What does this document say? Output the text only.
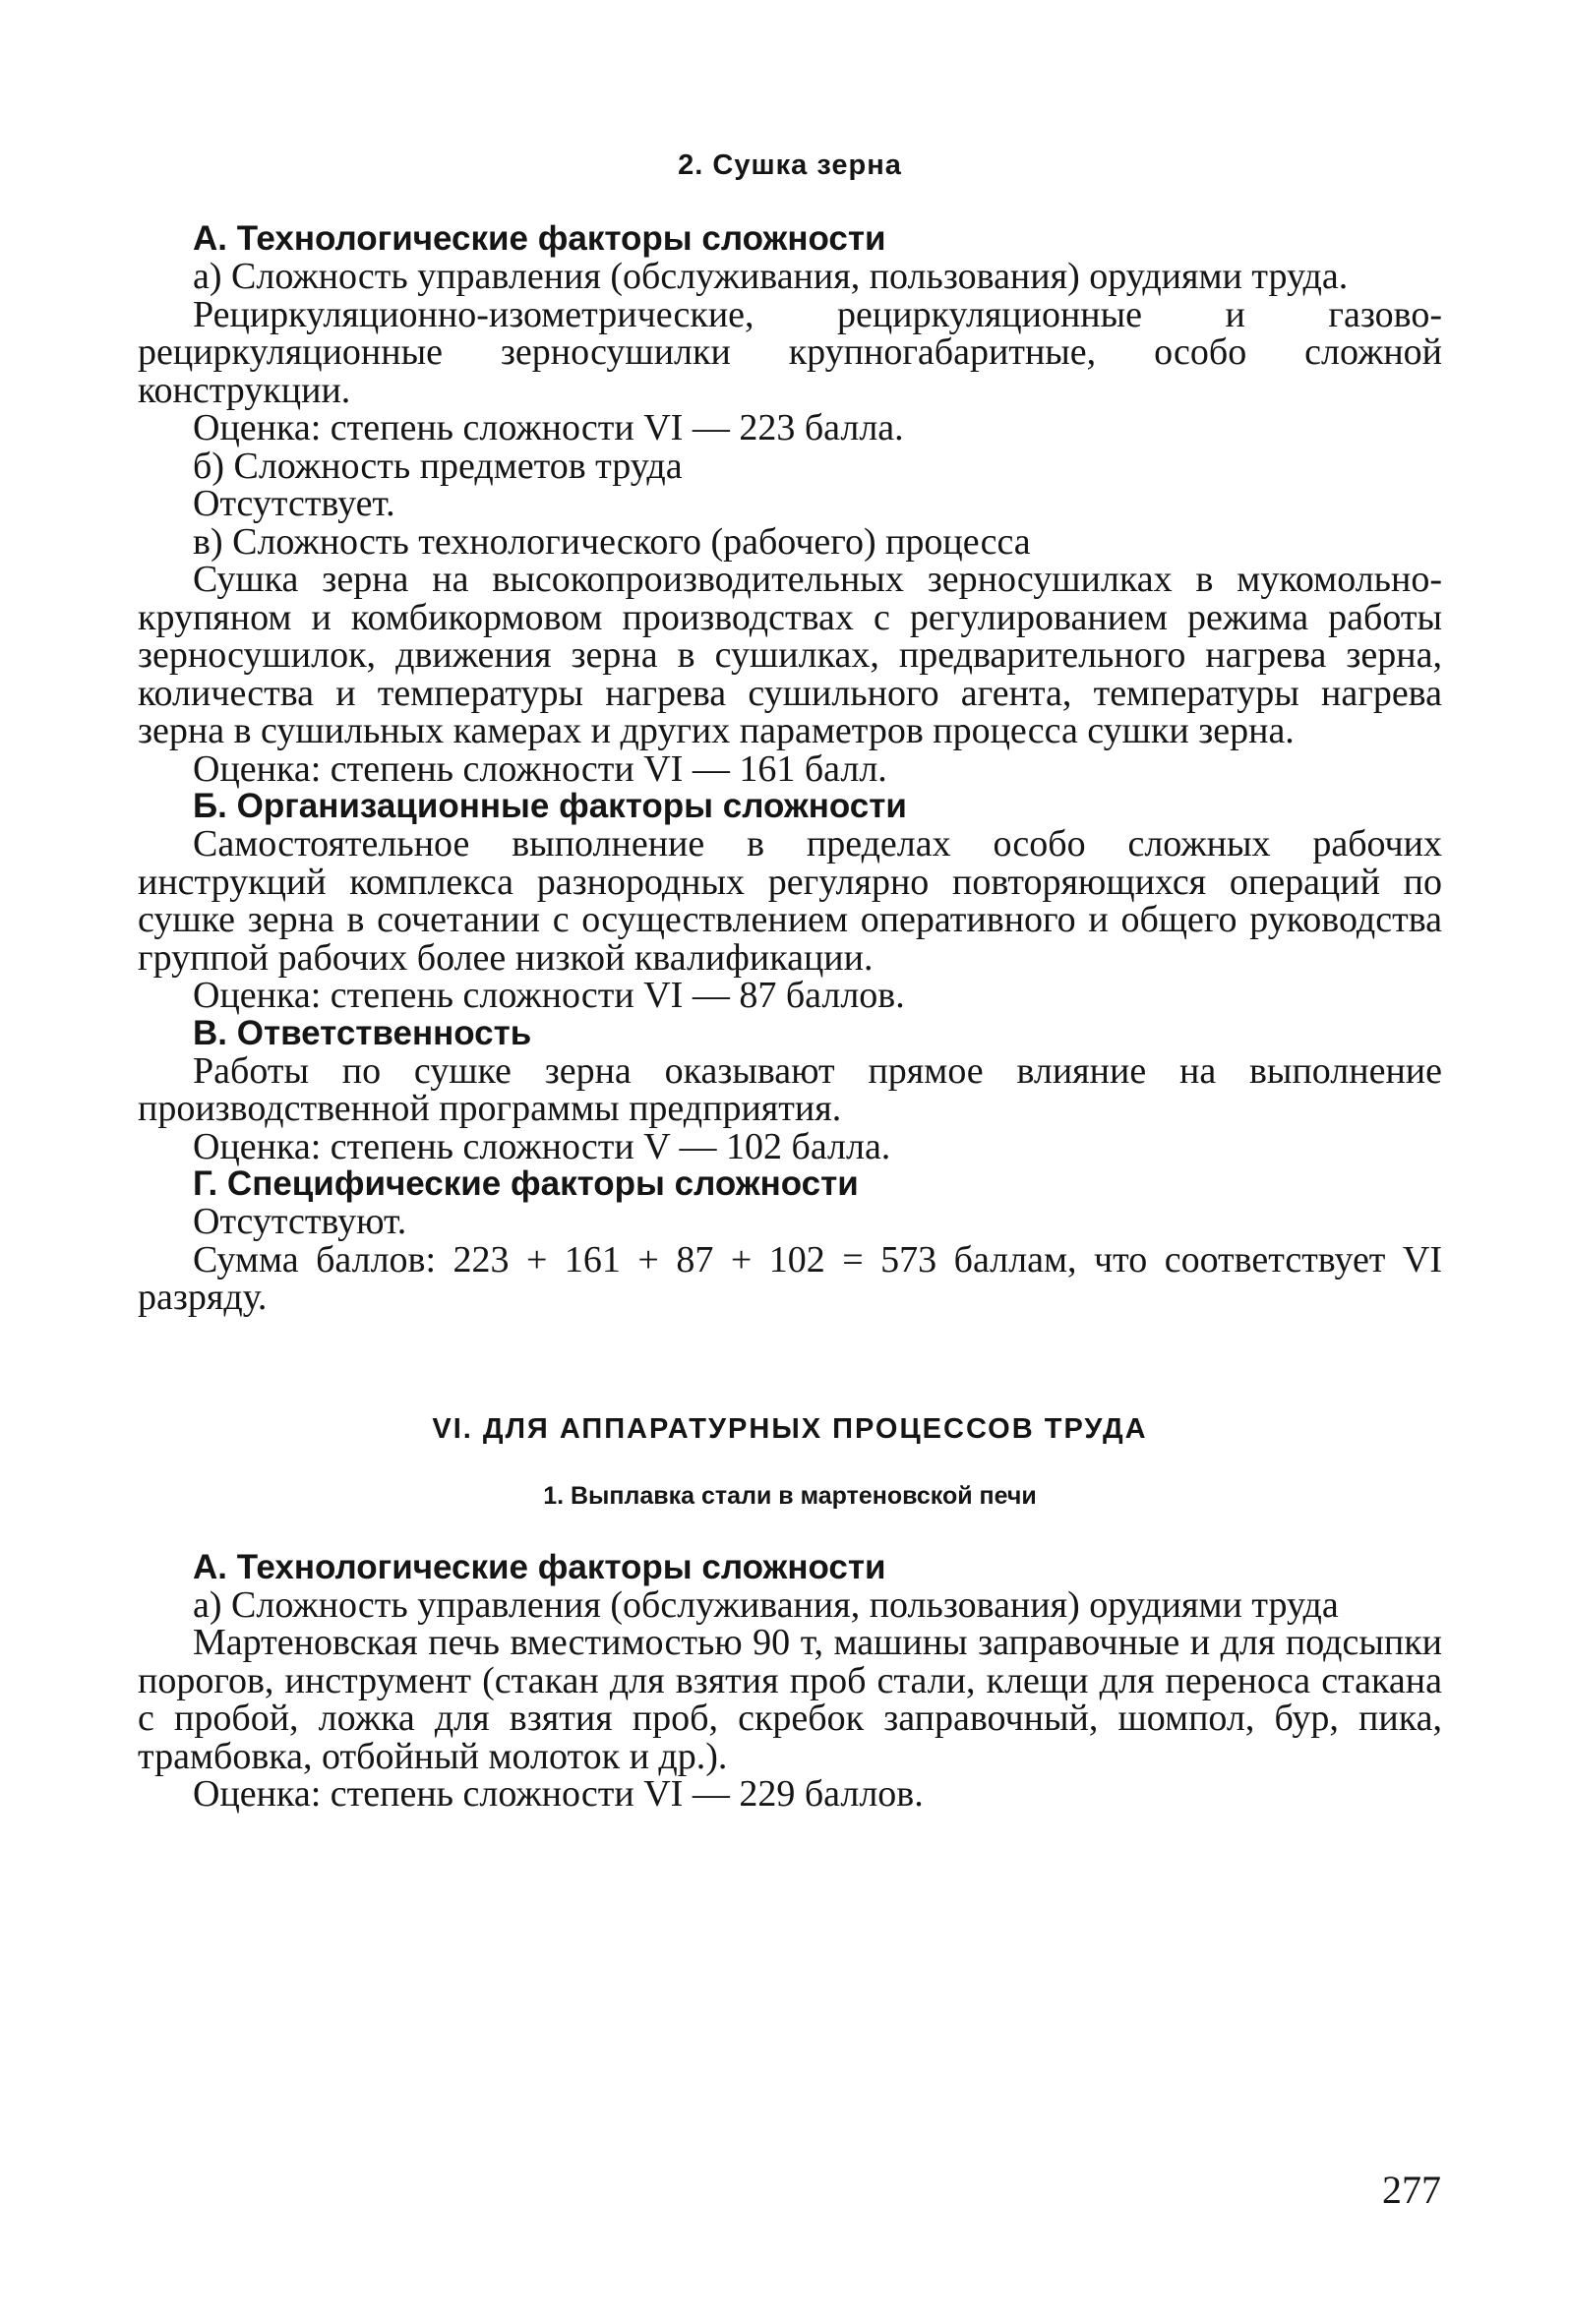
2. Сушка зерна
А. Технологические факторы сложности

а) Сложность управления (обслуживания, пользования) орудиями труда.

Рециркуляционно-изометрические, рециркуляционные и газово-рециркуляционные зерносушилки крупногабаритные, особо сложной конструкции.

Оценка: степень сложности VI — 223 балла.

б) Сложность предметов труда

Отсутствует.

в) Сложность технологического (рабочего) процесса

Сушка зерна на высокопроизводительных зерносушилках в мукомольно-крупяном и комбикормовом производствах с регулированием режима работы зерносушилок, движения зерна в сушилках, предварительного нагрева зерна, количества и температуры нагрева сушильного агента, температуры нагрева зерна в сушильных камерах и других параметров процесса сушки зерна.

Оценка: степень сложности VI — 161 балл.

Б. Организационные факторы сложности

Самостоятельное выполнение в пределах особо сложных рабочих инструкций комплекса разнородных регулярно повторяющихся операций по сушке зерна в сочетании с осуществлением оперативного и общего руководства группой рабочих более низкой квалификации.

Оценка: степень сложности VI — 87 баллов.

В. Ответственность

Работы по сушке зерна оказывают прямое влияние на выполнение производственной программы предприятия.

Оценка: степень сложности V — 102 балла.

Г. Специфические факторы сложности

Отсутствуют.

Сумма баллов: 223 + 161 + 87 + 102 = 573 баллам, что соответствует VI разряду.

VI. ДЛЯ АППАРАТУРНЫХ ПРОЦЕССОВ ТРУДА
1. Выплавка стали в мартеновской печи
А. Технологические факторы сложности

а) Сложность управления (обслуживания, пользования) орудиями труда

Мартеновская печь вместимостью 90 т, машины заправочные и для подсыпки порогов, инструмент (стакан для взятия проб стали, клещи для переноса стакана с пробой, ложка для взятия проб, скребок заправочный, шомпол, бур, пика, трамбовка, отбойный молоток и др.).

Оценка: степень сложности VI — 229 баллов.

277
